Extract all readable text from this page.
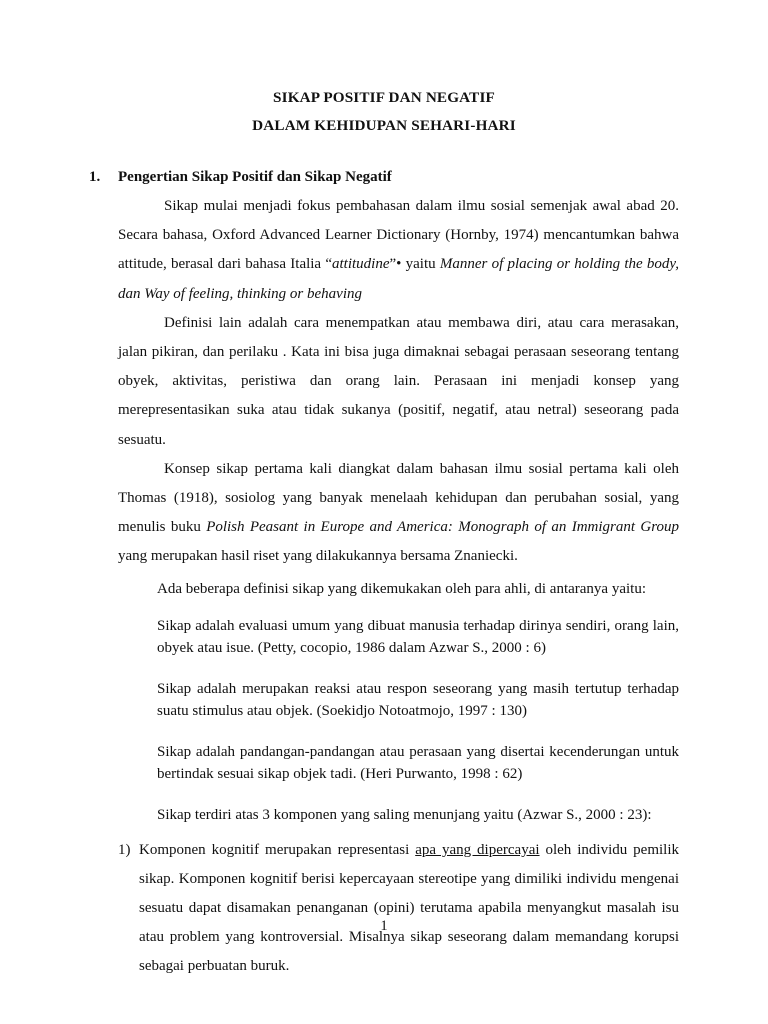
SIKAP POSITIF DAN NEGATIF
DALAM KEHIDUPAN SEHARI-HARI
1.	Pengertian Sikap Positif dan Sikap Negatif

Sikap mulai menjadi fokus pembahasan dalam ilmu sosial semenjak awal abad 20. Secara bahasa, Oxford Advanced Learner Dictionary (Hornby, 1974) mencantumkan bahwa attitude, berasal dari bahasa Italia “attitudine”• yaitu Manner of placing or holding the body, dan Way of feeling, thinking or behaving

Definisi lain adalah cara menempatkan atau membawa diri, atau cara merasakan, jalan pikiran, dan perilaku . Kata ini bisa juga dimaknai sebagai perasaan seseorang tentang obyek, aktivitas, peristiwa dan orang lain. Perasaan ini menjadi konsep yang merepresentasikan suka atau tidak sukanya (positif, negatif, atau netral) seseorang pada sesuatu.

Konsep sikap pertama kali diangkat dalam bahasan ilmu sosial pertama kali oleh Thomas (1918), sosiolog yang banyak menelaah kehidupan dan perubahan sosial, yang menulis buku Polish Peasant in Europe and America: Monograph of an Immigrant Group yang merupakan hasil riset yang dilakukannya bersama Znaniecki.

Ada beberapa definisi sikap yang dikemukakan oleh para ahli, di antaranya yaitu:

Sikap adalah evaluasi umum yang dibuat manusia terhadap dirinya sendiri, orang lain, obyek atau isue. (Petty, cocopio, 1986 dalam Azwar S., 2000 : 6)

Sikap adalah merupakan reaksi atau respon seseorang yang masih tertutup terhadap suatu stimulus atau objek. (Soekidjo Notoatmojo, 1997 : 130)

Sikap adalah pandangan-pandangan atau perasaan yang disertai kecenderungan untuk bertindak sesuai sikap objek tadi. (Heri Purwanto, 1998 : 62)

Sikap terdiri atas 3 komponen yang saling menunjang yaitu (Azwar S., 2000 : 23):

1) Komponen kognitif merupakan representasi apa yang dipercayai oleh individu pemilik sikap. Komponen kognitif berisi kepercayaan stereotipe yang dimiliki individu mengenai sesuatu dapat disamakan penanganan (opini) terutama apabila menyangkut masalah isu atau problem yang kontroversial. Misalnya sikap seseorang dalam memandang korupsi sebagai perbuatan buruk.
1
